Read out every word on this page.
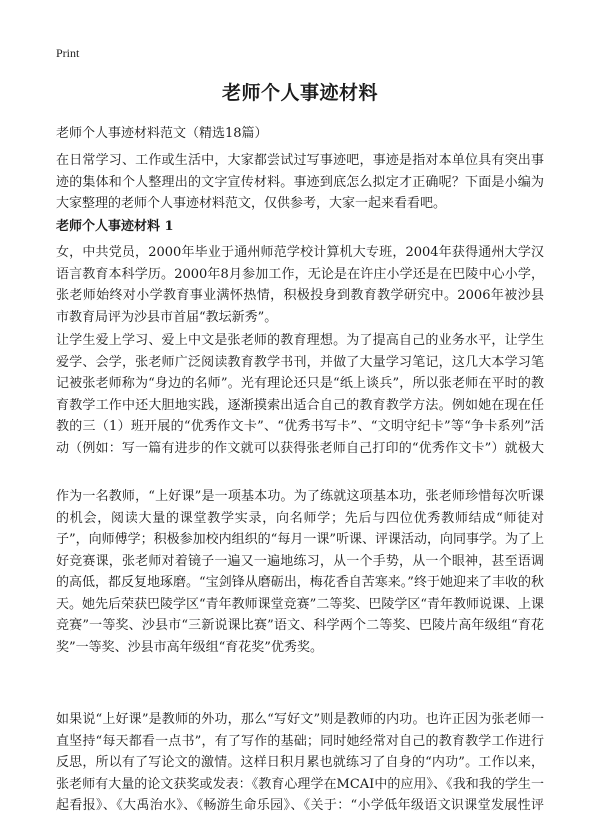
Print
老师个人事迹材料
老师个人事迹材料范文（精选18篇）

在日常学习、工作或生活中，大家都尝试过写事迹吧，事迹是指对本单位具有突出事迹的集体和个人整理出的文字宣传材料。事迹到底怎么拟定才正确呢？下面是小编为大家整理的老师个人事迹材料范文，仅供参考，大家一起来看看吧。

老师个人事迹材料 1

女，中共党员，2000年毕业于通州师范学校计算机大专班，2004年获得通州大学汉语言教育本科学历。2000年8月参加工作，无论是在许庄小学还是在巴陵中心小学，张老师始终对小学教育事业满怀热情，积极投身到教育教学研究中。2006年被沙县市教育局评为沙县市首届“教坛新秀”。

让学生爱上学习、爱上中文是张老师的教育理想。为了提高自己的业务水平，让学生爱学、会学，张老师广泛阅读教育教学书刊，并做了大量学习笔记，这几大本学习笔记被张老师称为“身边的名师”。光有理论还只是“纸上谈兵”，所以张老师在平时的教育教学工作中还大胆地实践，逐渐摸索出适合自己的教育教学方法。例如她在现在任教的三（1）班开展的“优秀作文卡”、“优秀书写卡”、“文明守纪卡”等“争卡系列”活动（例如：写一篇有进步的作文就可以获得张老师自己打印的“优秀作文卡”）就极大

作为一名教师，“上好课”是一项基本功。为了练就这项基本功，张老师珍惜每次听课的机会，阅读大量的课堂教学实录，向名师学；先后与四位优秀教师结成“师徒对子”，向师傅学；积极参加校内组织的“每月一课”听课、评课活动，向同事学。为了上好竞赛课，张老师对着镜子一遍又一遍地练习，从一个手势，从一个眼神，甚至语调的高低，都反复地琢磨。“宝剑锋从磨砺出，梅花香自苦寒来。”终于她迎来了丰收的秋天。她先后荣获巴陵学区“青年教师课堂竞赛”二等奖、巴陵学区“青年教师说课、上课竞赛”一等奖、沙县市“三新说课比赛”语文、科学两个二等奖、巴陵片高年级组“育花奖”一等奖、沙县市高年级组“育花奖”优秀奖。

如果说“上好课”是教师的外功，那么“写好文”则是教师的内功。也许正因为张老师一直坚持“每天都看一点书”，有了写作的基础；同时她经常对自己的教育教学工作进行反思，所以有了写论文的激情。这样日积月累也就练习了自身的“内功”。工作以来，张老师有大量的论文获奖或发表：《教育心理学在MCAI中的应用》、《我和我的学生一起看报》、《大禹治水》、《畅游生命乐园》、《关于：“小学低年级语文识课堂发展性评
